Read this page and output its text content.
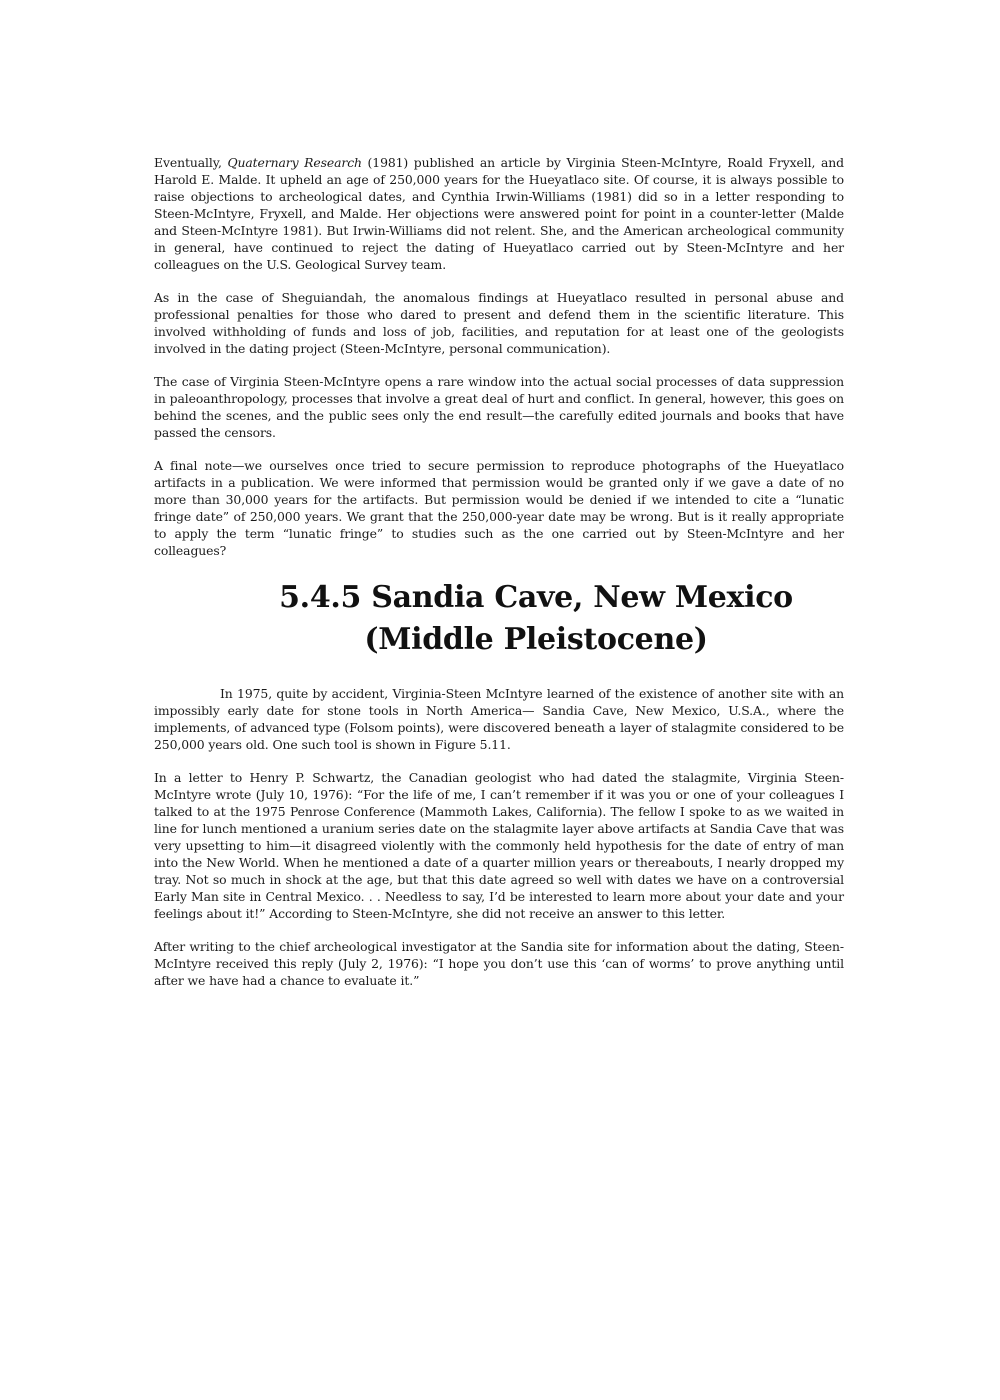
Eventually, Quaternary Research (1981) published an article by Virginia Steen-McIntyre, Roald Fryxell, and Harold E. Malde. It upheld an age of 250,000 years for the Hueyatlaco site. Of course, it is always possible to raise objections to archeological dates, and Cynthia Irwin-Williams (1981) did so in a letter responding to Steen-McIntyre, Fryxell, and Malde. Her objections were answered point for point in a counter-letter (Malde and Steen-McIntyre 1981). But Irwin-Williams did not relent. She, and the American archeological community in general, have continued to reject the dating of Hueyatlaco carried out by Steen-McIntyre and her colleagues on the U.S. Geological Survey team.

As in the case of Sheguiandah, the anomalous findings at Hueyatlaco resulted in personal abuse and professional penalties for those who dared to present and defend them in the scientific literature. This involved withholding of funds and loss of job, facilities, and reputation for at least one of the geologists involved in the dating project (Steen-McIntyre, personal communication).

The case of Virginia Steen-McIntyre opens a rare window into the actual social processes of data suppression in paleoanthropology, processes that involve a great deal of hurt and conflict. In general, however, this goes on behind the scenes, and the public sees only the end result—the carefully edited journals and books that have passed the censors.

A final note—we ourselves once tried to secure permission to reproduce photographs of the Hueyatlaco artifacts in a publication. We were informed that permission would be granted only if we gave a date of no more than 30,000 years for the artifacts. But permission would be denied if we intended to cite a “lunatic fringe date” of 250,000 years. We grant that the 250,000-year date may be wrong. But is it really appropriate to apply the term “lunatic fringe” to studies such as the one carried out by Steen-McIntyre and her colleagues?

5.4.5 Sandia Cave, New Mexico (Middle Pleistocene)

In 1975, quite by accident, Virginia-Steen McIntyre learned of the existence of another site with an impossibly early date for stone tools in North America— Sandia Cave, New Mexico, U.S.A., where the implements, of advanced type (Folsom points), were discovered beneath a layer of stalagmite considered to be 250,000 years old. One such tool is shown in Figure 5.11.

In a letter to Henry P. Schwartz, the Canadian geologist who had dated the stalagmite, Virginia Steen-McIntyre wrote (July 10, 1976): “For the life of me, I can’t remember if it was you or one of your colleagues I talked to at the 1975 Penrose Conference (Mammoth Lakes, California). The fellow I spoke to as we waited in line for lunch mentioned a uranium series date on the stalagmite layer above artifacts at Sandia Cave that was very upsetting to him—it disagreed violently with the commonly held hypothesis for the date of entry of man into the New World. When he mentioned a date of a quarter million years or thereabouts, I nearly dropped my tray. Not so much in shock at the age, but that this date agreed so well with dates we have on a controversial Early Man site in Central Mexico. . . Needless to say, I’d be interested to learn more about your date and your feelings about it!” According to Steen-McIntyre, she did not receive an answer to this letter.

After writing to the chief archeological investigator at the Sandia site for information about the dating, Steen-McIntyre received this reply (July 2, 1976): “I hope you don’t use this ‘can of worms’ to prove anything until after we have had a chance to evaluate it.”
